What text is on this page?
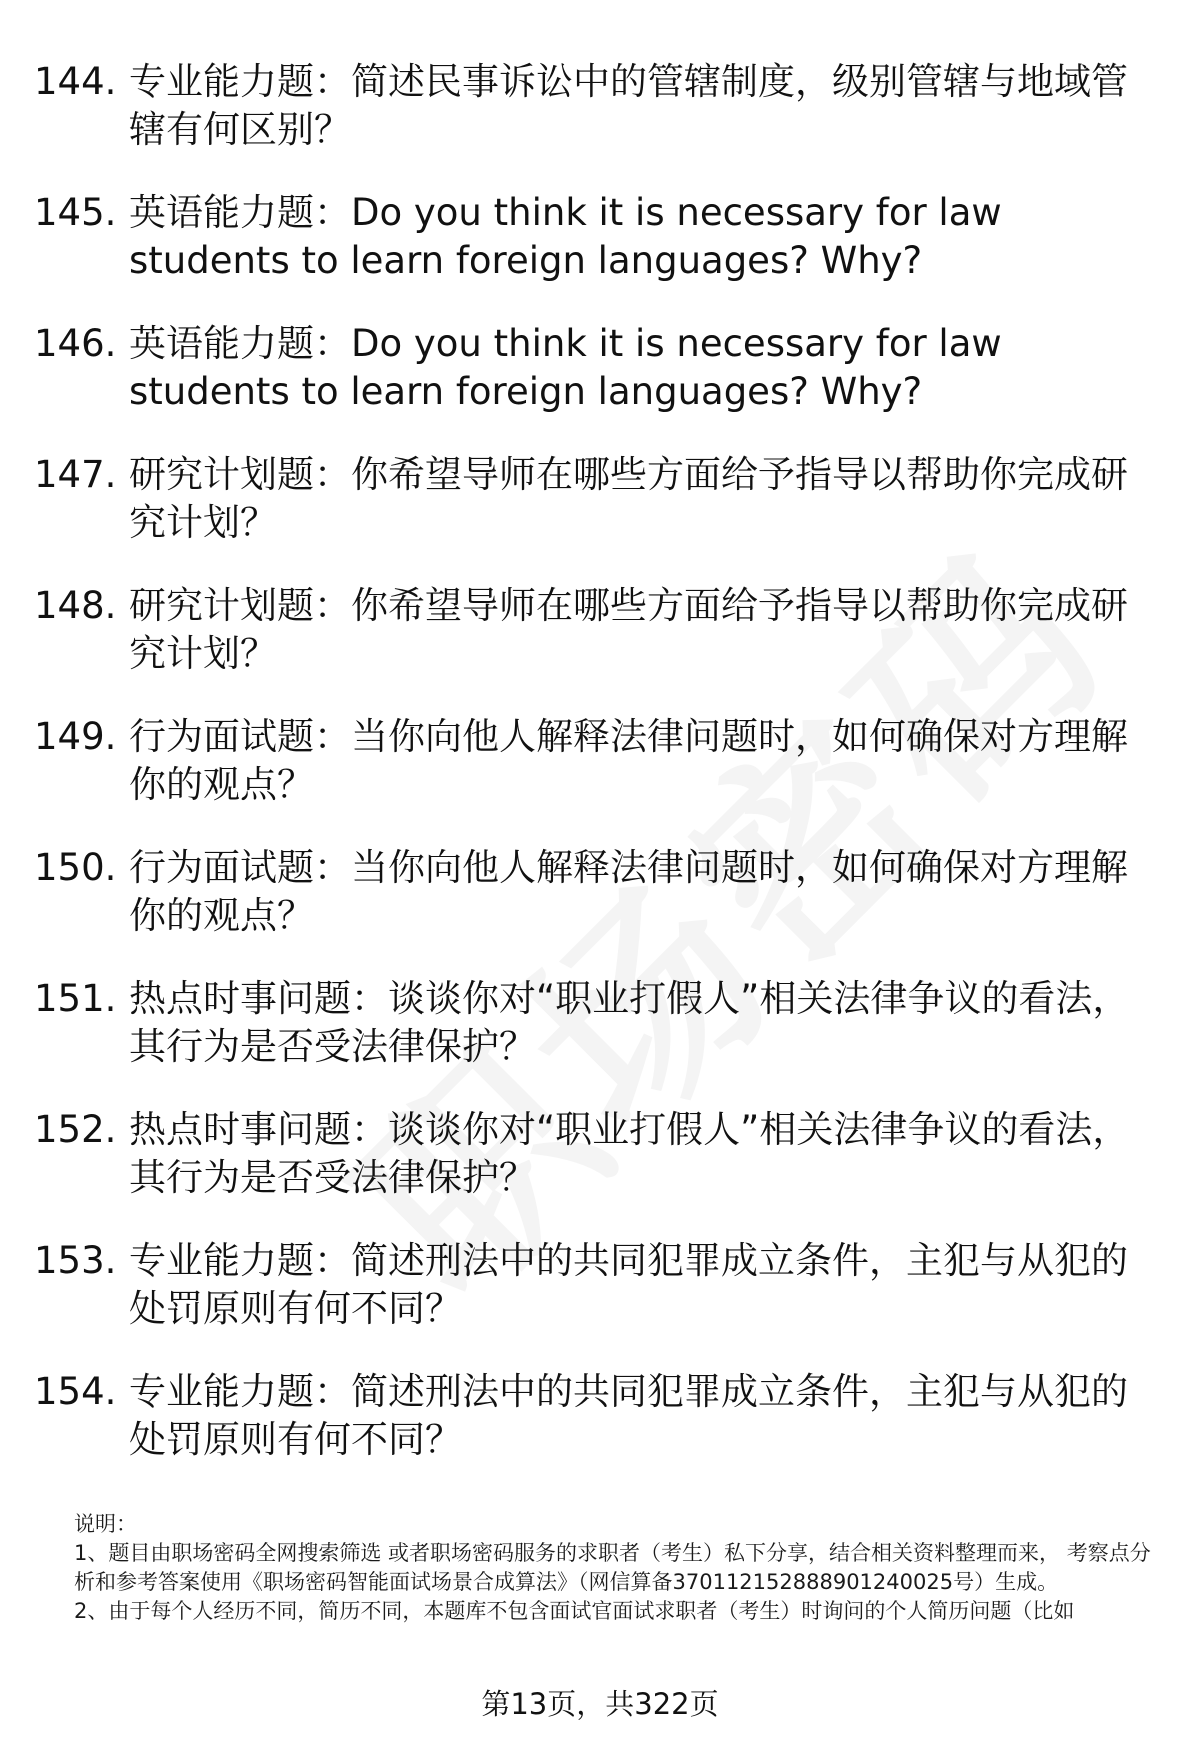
144. 专业能力题：简述民事诉讼中的管辖制度，级别管辖与地域管辖有何区别？
145. 英语能力题：Do you think it is necessary for law students to learn foreign languages? Why?
146. 英语能力题：Do you think it is necessary for law students to learn foreign languages? Why?
147. 研究计划题：你希望导师在哪些方面给予指导以帮助你完成研究计划？
148. 研究计划题：你希望导师在哪些方面给予指导以帮助你完成研究计划？
149. 行为面试题：当你向他人解释法律问题时，如何确保对方理解你的观点？
150. 行为面试题：当你向他人解释法律问题时，如何确保对方理解你的观点？
151. 热点时事问题：谈谈你对“职业打假人”相关法律争议的看法，其行为是否受法律保护？
152. 热点时事问题：谈谈你对“职业打假人”相关法律争议的看法，其行为是否受法律保护？
153. 专业能力题：简述刑法中的共同犯罪成立条件，主犯与从犯的处罚原则有何不同？
154. 专业能力题：简述刑法中的共同犯罪成立条件，主犯与从犯的处罚原则有何不同？

说明：

1、题目由职场密码全网搜索筛选 或者职场密码服务的求职者（考生）私下分享，结合相关资料整理而来， 考察点分析和参考答案使用《职场密码智能面试场景合成算法》（网信算备370112152888901240025号）生成。

2、由于每个人经历不同，简历不同，本题库不包含面试官面试求职者（考生）时询问的个人简历问题（比如

第13页，共322页
